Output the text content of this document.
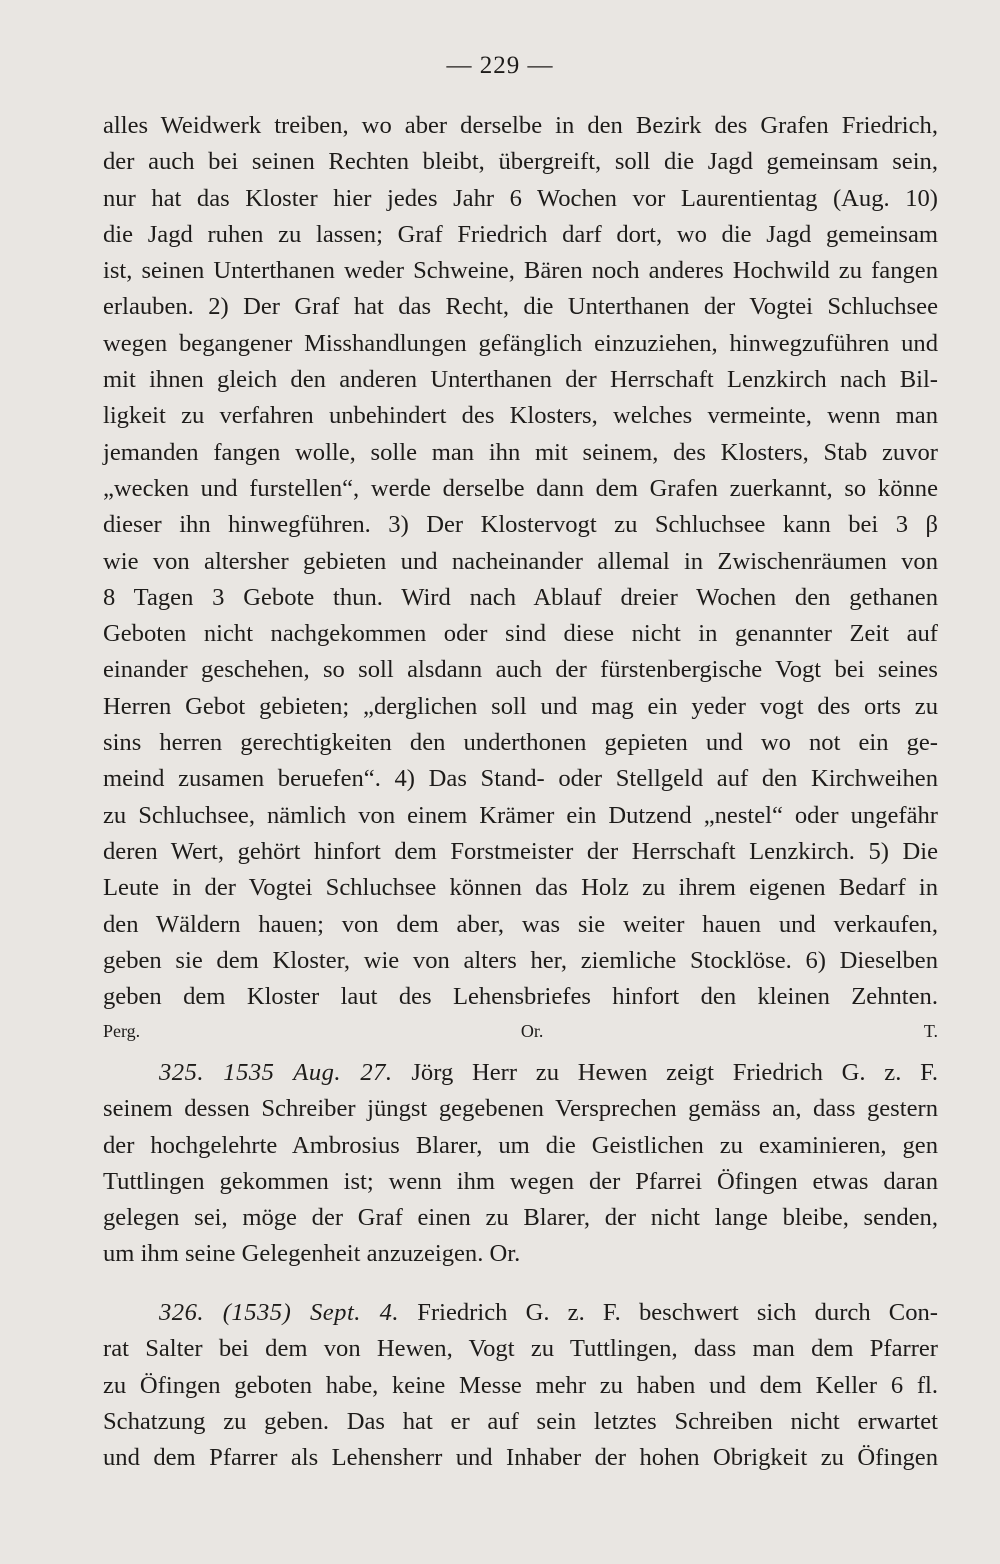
— 229 —
alles Weidwerk treiben, wo aber derselbe in den Bezirk des Grafen Friedrich,
der auch bei seinen Rechten bleibt, übergreift, soll die Jagd gemeinsam sein,
nur hat das Kloster hier jedes Jahr 6 Wochen vor Laurentientag (Aug. 10)
die Jagd ruhen zu lassen; Graf Friedrich darf dort, wo die Jagd gemeinsam
ist, seinen Unterthanen weder Schweine, Bären noch anderes Hochwild zu fangen
erlauben. 2) Der Graf hat das Recht, die Unterthanen der Vogtei Schluchsee
wegen begangener Misshandlungen gefänglich einzuziehen, hinwegzuführen und
mit ihnen gleich den anderen Unterthanen der Herrschaft Lenzkirch nach Bil-
ligkeit zu verfahren unbehindert des Klosters, welches vermeinte, wenn man
jemanden fangen wolle, solle man ihn mit seinem, des Klosters, Stab zuvor
„wecken und furstellen“, werde derselbe dann dem Grafen zuerkannt, so könne
dieser ihn hinwegführen. 3) Der Klostervogt zu Schluchsee kann bei 3 β
wie von altersher gebieten und nacheinander allemal in Zwischenräumen von
8 Tagen 3 Gebote thun. Wird nach Ablauf dreier Wochen den gethanen
Geboten nicht nachgekommen oder sind diese nicht in genannter Zeit auf
einander geschehen, so soll alsdann auch der fürstenbergische Vogt bei seines
Herren Gebot gebieten; „derglichen soll und mag ein yeder vogt des orts zu
sins herren gerechtigkeiten den underthonen gepieten und wo not ein ge-
meind zusamen beruefen“. 4) Das Stand- oder Stellgeld auf den Kirchweihen
zu Schluchsee, nämlich von einem Krämer ein Dutzend „nestel“ oder ungefähr
deren Wert, gehört hinfort dem Forstmeister der Herrschaft Lenzkirch. 5) Die
Leute in der Vogtei Schluchsee können das Holz zu ihrem eigenen Bedarf in
den Wäldern hauen; von dem aber, was sie weiter hauen und verkaufen,
geben sie dem Kloster, wie von alters her, ziemliche Stocklöse. 6) Dieselben
geben dem Kloster laut des Lehensbriefes hinfort den kleinen Zehnten.
Perg. Or.	T.
325. 1535 Aug. 27. Jörg Herr zu Hewen zeigt Friedrich G. z. F.
seinem dessen Schreiber jüngst gegebenen Versprechen gemäss an, dass gestern
der hochgelehrte Ambrosius Blarer, um die Geistlichen zu examinieren, gen
Tuttlingen gekommen ist; wenn ihm wegen der Pfarrei Öfingen etwas daran
gelegen sei, möge der Graf einen zu Blarer, der nicht lange bleibe, senden,
um ihm seine Gelegenheit anzuzeigen. Or.
326. (1535) Sept. 4. Friedrich G. z. F. beschwert sich durch Con-
rat Salter bei dem von Hewen, Vogt zu Tuttlingen, dass man dem Pfarrer
zu Öfingen geboten habe, keine Messe mehr zu haben und dem Keller 6 fl.
Schatzung zu geben. Das hat er auf sein letztes Schreiben nicht erwartet
und dem Pfarrer als Lehensherr und Inhaber der hohen Obrigkeit zu Öfingen
